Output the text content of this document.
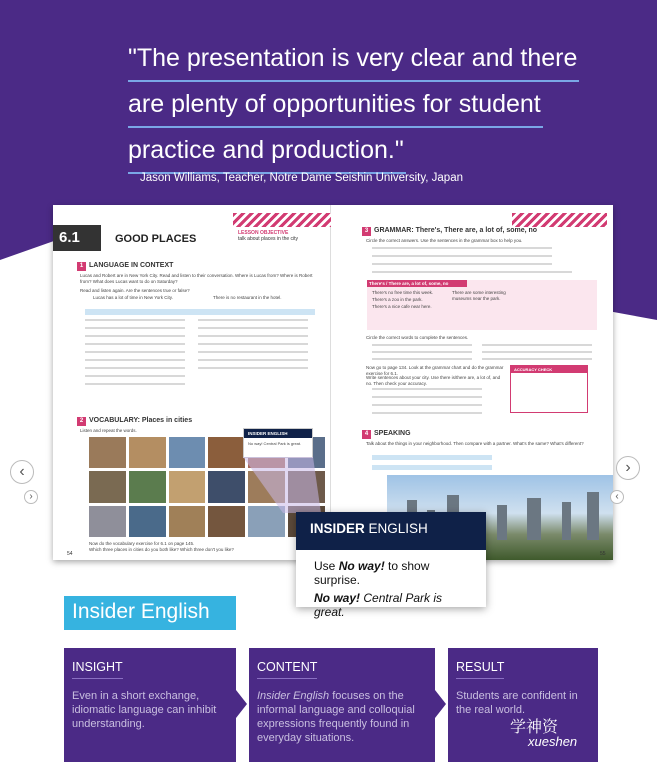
"The presentation is very clear and there
are plenty of opportunities for student
practice and production."
Jason Williams, Teacher, Notre Dame Seishin University, Japan
6.1	GOOD PLACES	LESSON OBJECTIVE
talk about places in the city
1 LANGUAGE IN CONTEXT
Lucas and Robert are in New York City. Read and listen to their conversation. Where is Lucas from? Where is Robert from? What does Lucas want to do on Saturday?
Read and listen again. Are the sentences true or false?
Lucas has a lot of time in New York City.	There is no restaurant in the hotel.
2 VOCABULARY: Places in cities
Listen and repeat the words.
Now do the vocabulary exercise for 6.1 on page 145.
Which three places in cities do you both like? Which three don't you like?
54
3 GRAMMAR: There's, There are, a lot of, some, no
Circle the correct answers. Use the sentences in the grammar box to help you.
There's / There are, a lot of, some, no
There's no free time this week.
There's a zoo in the park.
There's a nice cafe near here.
There are some interesting museums near the park.
Circle the correct words to complete the sentences.
Now go to page 134. Look at the grammar chart and do the grammar exercise for 6.1.
Write sentences about your city. Use there is/there are, a lot of, and no. Then check your accuracy.
ACCURACY CHECK
4 SPEAKING
Talk about the things in your neighborhood. Then compare with a partner. What's the same? What's different?
55
INSIDER ENGLISH
No way! Central Park is great.
INSIDER ENGLISH
Use No way! to show surprise.
No way! Central Park is great.
‹
›
›
‹
Insider English
INSIGHT
Even in a short exchange, idiomatic language can inhibit understanding.
CONTENT
Insider English focuses on the informal language and colloquial expressions frequently found in everyday situations.
RESULT
Students are confident in the real world.
学神资
xueshen
